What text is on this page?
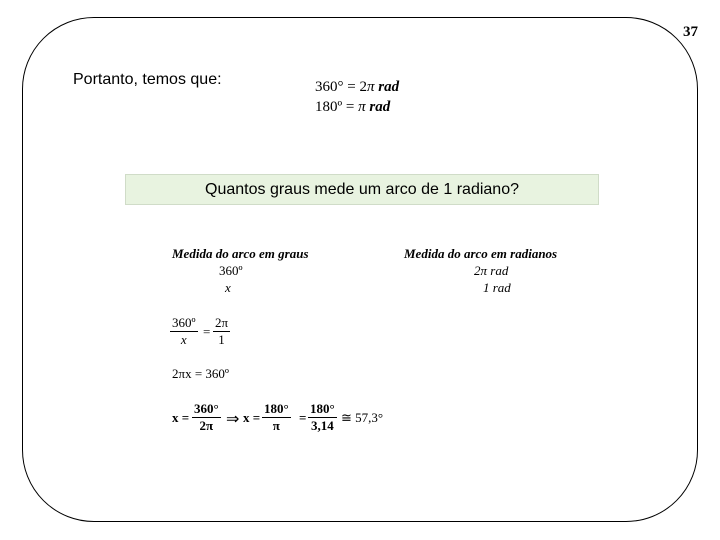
37
Portanto, temos que:	360° = 2π rad
180º = π rad
Quantos graus mede um arco de 1 radiano?
Medida do arco em graus	Medida do arco em radianos
360º
x
2π rad
1 rad
$\frac{\text{360º}}{x} = \frac{2\pi}{1}$
2πx = 360º
$x = \frac{360^\circ}{2\pi}$ ⇒ $x = \frac{180^\circ}{\pi} = \frac{180^\circ}{3,14}$ ≅ 57,3°
